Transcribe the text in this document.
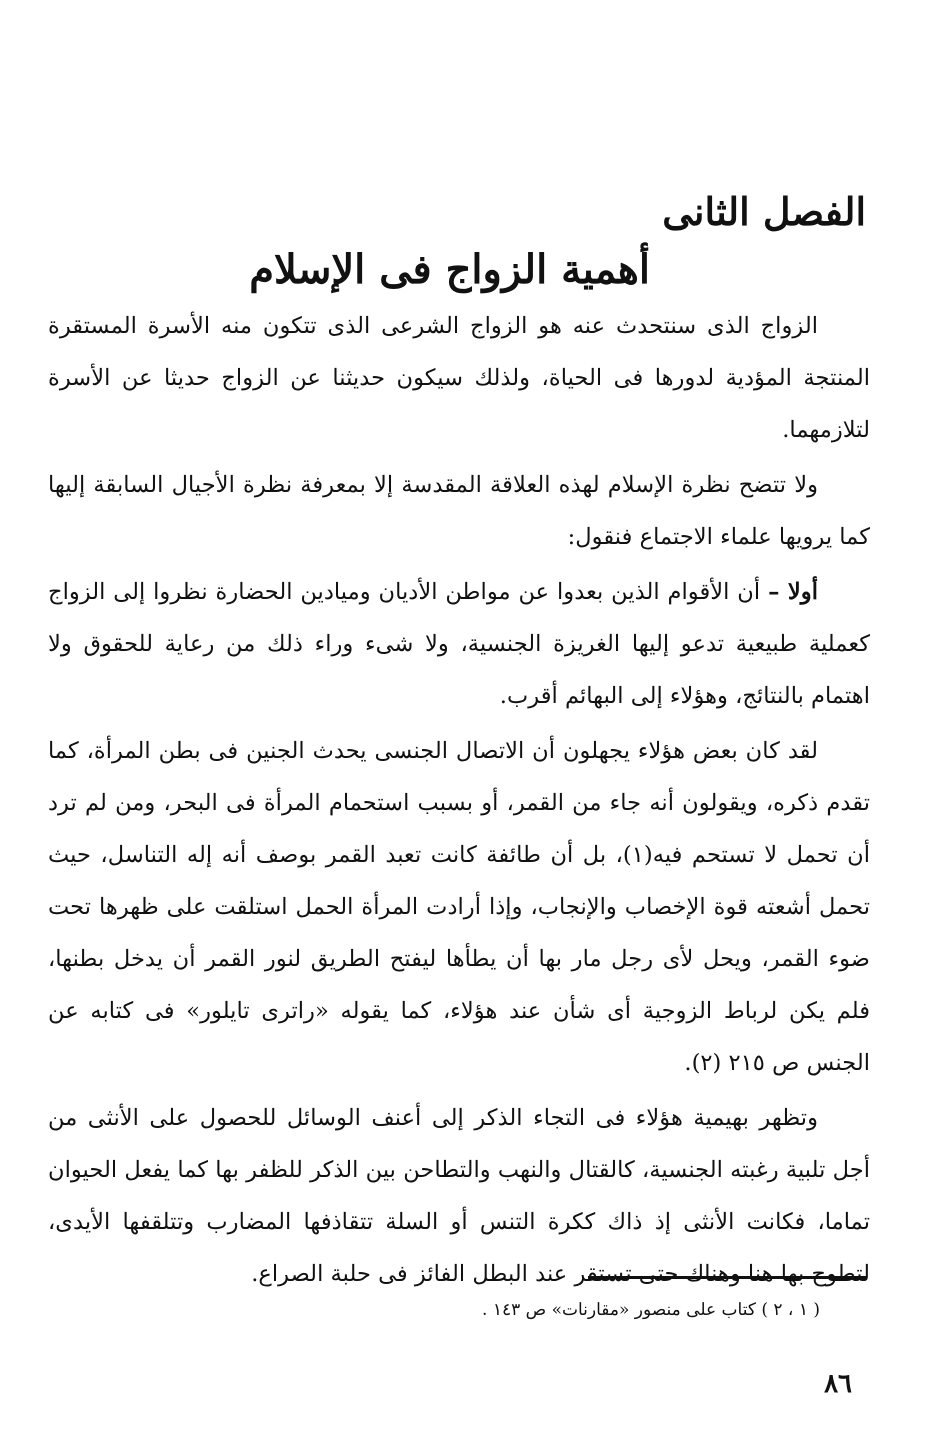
الفصل الثانى
أهمية الزواج فى الإسلام

الزواج الذى سنتحدث عنه هو الزواج الشرعى الذى تتكون منه الأسرة المستقرة المنتجة المؤدية لدورها فى الحياة، ولذلك سيكون حديثنا عن الزواج حديثا عن الأسرة لتلازمهما.

ولا تتضح نظرة الإسلام لهذه العلاقة المقدسة إلا بمعرفة نظرة الأجيال السابقة إليها كما يرويها علماء الاجتماع فنقول:

أولا – أن الأقوام الذين بعدوا عن مواطن الأديان وميادين الحضارة نظروا إلى الزواج كعملية طبيعية تدعو إليها الغريزة الجنسية، ولا شىء وراء ذلك من رعاية للحقوق ولا اهتمام بالنتائج، وهؤلاء إلى البهائم أقرب.

لقد كان بعض هؤلاء يجهلون أن الاتصال الجنسى يحدث الجنين فى بطن المرأة، كما تقدم ذكره، ويقولون أنه جاء من القمر، أو بسبب استحمام المرأة فى البحر، ومن لم ترد أن تحمل لا تستحم فيه(١)، بل أن طائفة كانت تعبد القمر بوصف أنه إله التناسل، حيث تحمل أشعته قوة الإخصاب والإنجاب، وإذا أرادت المرأة الحمل استلقت على ظهرها تحت ضوء القمر، ويحل لأى رجل مار بها أن يطأها ليفتح الطريق لنور القمر أن يدخل بطنها، فلم يكن لرباط الزوجية أى شأن عند هؤلاء، كما يقوله «راترى تايلور» فى كتابه عن الجنس ص ٢١٥ (٢).

وتظهر بهيمية هؤلاء فى التجاء الذكر إلى أعنف الوسائل للحصول على الأنثى من أجل تلبية رغبته الجنسية، كالقتال والنهب والتطاحن بين الذكر للظفر بها كما يفعل الحيوان تماما، فكانت الأنثى إذ ذاك ككرة التنس أو السلة تتقاذفها المضارب وتتلقفها الأيدى، لتطوح بها هنا وهناك حتى تستقر عند البطل الفائز فى حلبة الصراع.

( ١ ، ٢ ) كتاب على منصور «مقارنات» ص ١٤٣ .

٨٦
